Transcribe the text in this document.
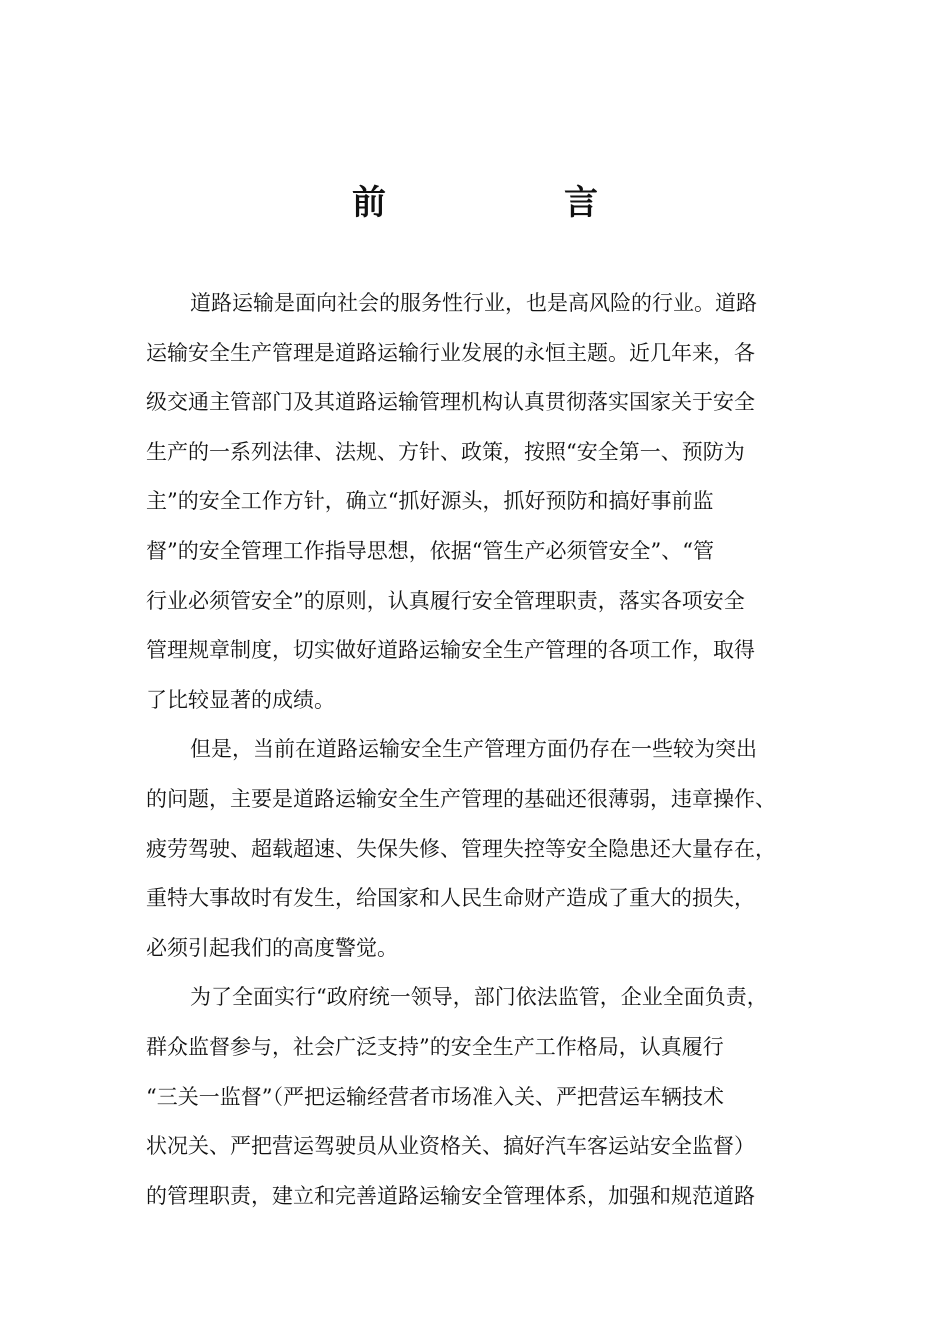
前　言
道路运输是面向社会的服务性行业，也是高风险的行业。道路
运输安全生产管理是道路运输行业发展的永恒主题。近几年来，各
级交通主管部门及其道路运输管理机构认真贯彻落实国家关于安全
生产的一系列法律、法规、方针、政策，按照“安全第一、预防为
主”的安全工作方针，确立“抓好源头，抓好预防和搞好事前监
督”的安全管理工作指导思想，依据“管生产必须管安全”、“管
行业必须管安全”的原则，认真履行安全管理职责，落实各项安全
管理规章制度，切实做好道路运输安全生产管理的各项工作，取得
了比较显著的成绩。
但是，当前在道路运输安全生产管理方面仍存在一些较为突出
的问题，主要是道路运输安全生产管理的基础还很薄弱，违章操作、
疲劳驾驶、超载超速、失保失修、管理失控等安全隐患还大量存在，
重特大事故时有发生，给国家和人民生命财产造成了重大的损失，
必须引起我们的高度警觉。
为了全面实行“政府统一领导，部门依法监管，企业全面负责，
群众监督参与，社会广泛支持”的安全生产工作格局，认真履行
“三关一监督”（严把运输经营者市场准入关、严把营运车辆技术
状况关、严把营运驾驶员从业资格关、搞好汽车客运站安全监督）
的管理职责，建立和完善道路运输安全管理体系，加强和规范道路
